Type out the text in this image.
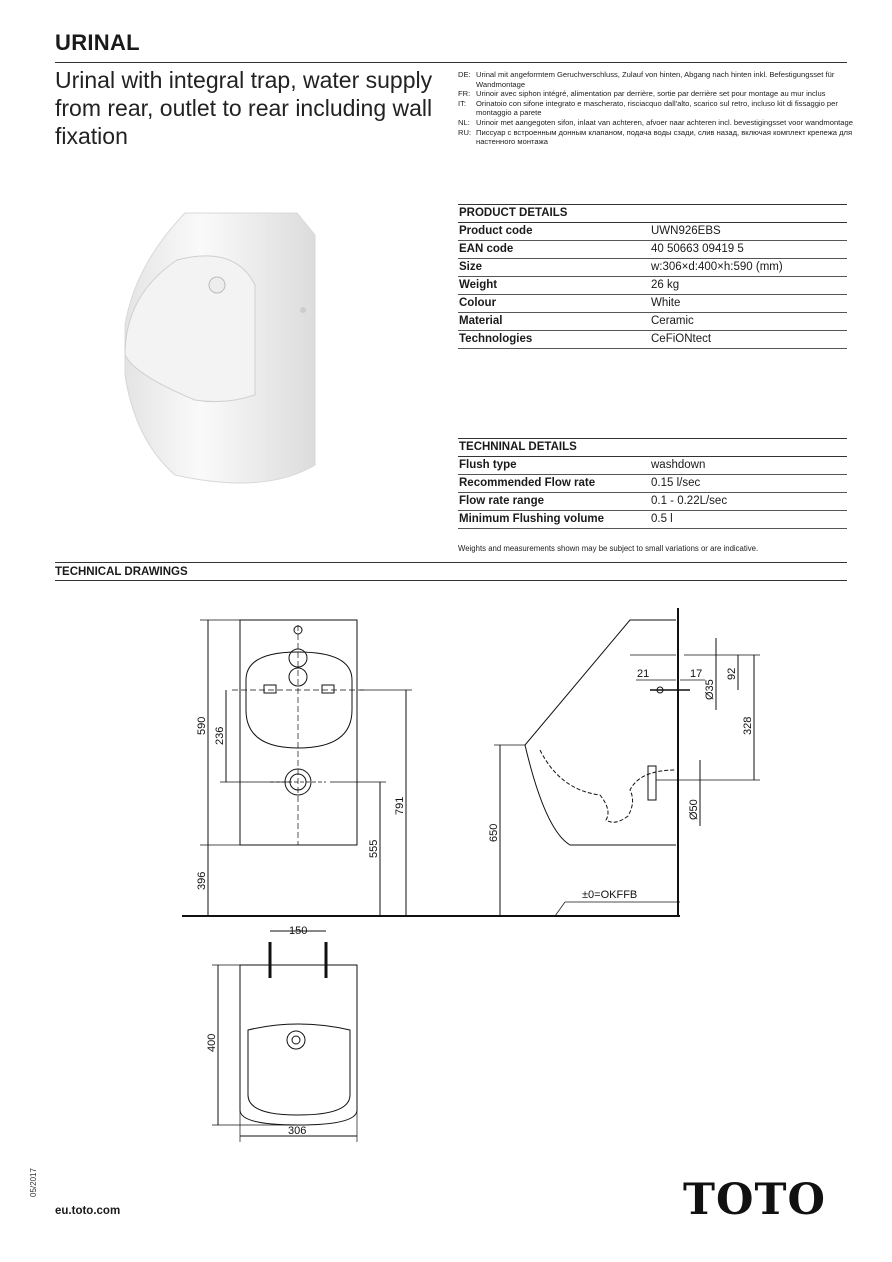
URINAL
Urinal with integral trap, water supply from rear, outlet to rear including wall fixation
DE: Urinal mit angeformtem Geruchverschluss, Zulauf von hinten, Abgang nach hinten inkl. Befestigungsset für Wandmontage
FR: Urinoir avec siphon intégré, alimentation par derrière, sortie par derrière set pour montage au mur inclus
IT:	Orinatoio con sifone integrato e mascherato, risciacquo dall'alto, scarico sul retro, incluso kit di fissaggio per montaggio a parete
NL: Urinoir met aangegoten sifon, inlaat van achteren, afvoer naar achteren incl. bevestigingsset voor wandmontage
RU: Писсуар с встроенным донным клапаном, подача воды сзади, слив назад, включая комплект крепежа для настенного монтажа
PRODUCT DETAILS
Product code	UWN926EBS
EAN code	40 50663 09419 5
Size	w:306×d:400×h:590 (mm)
Weight	26 kg
Colour	White
Material	Ceramic
Technologies	CeFiONtect
TECHNINAL DETAILS
Flush type	washdown
Recommended Flow rate	0.15 l/sec
Flow rate range	0.1 - 0.22L/sec
Minimum Flushing volume	0.5 l
Weights and measurements shown may be subject to small variations or are indicative.
TECHNICAL DRAWINGS
590
236
396
555
791
650
328
92
21	17
Ø35
Ø50
±0=OKFFB
150
400
306
05/2017
eu.toto.com	TOTO
